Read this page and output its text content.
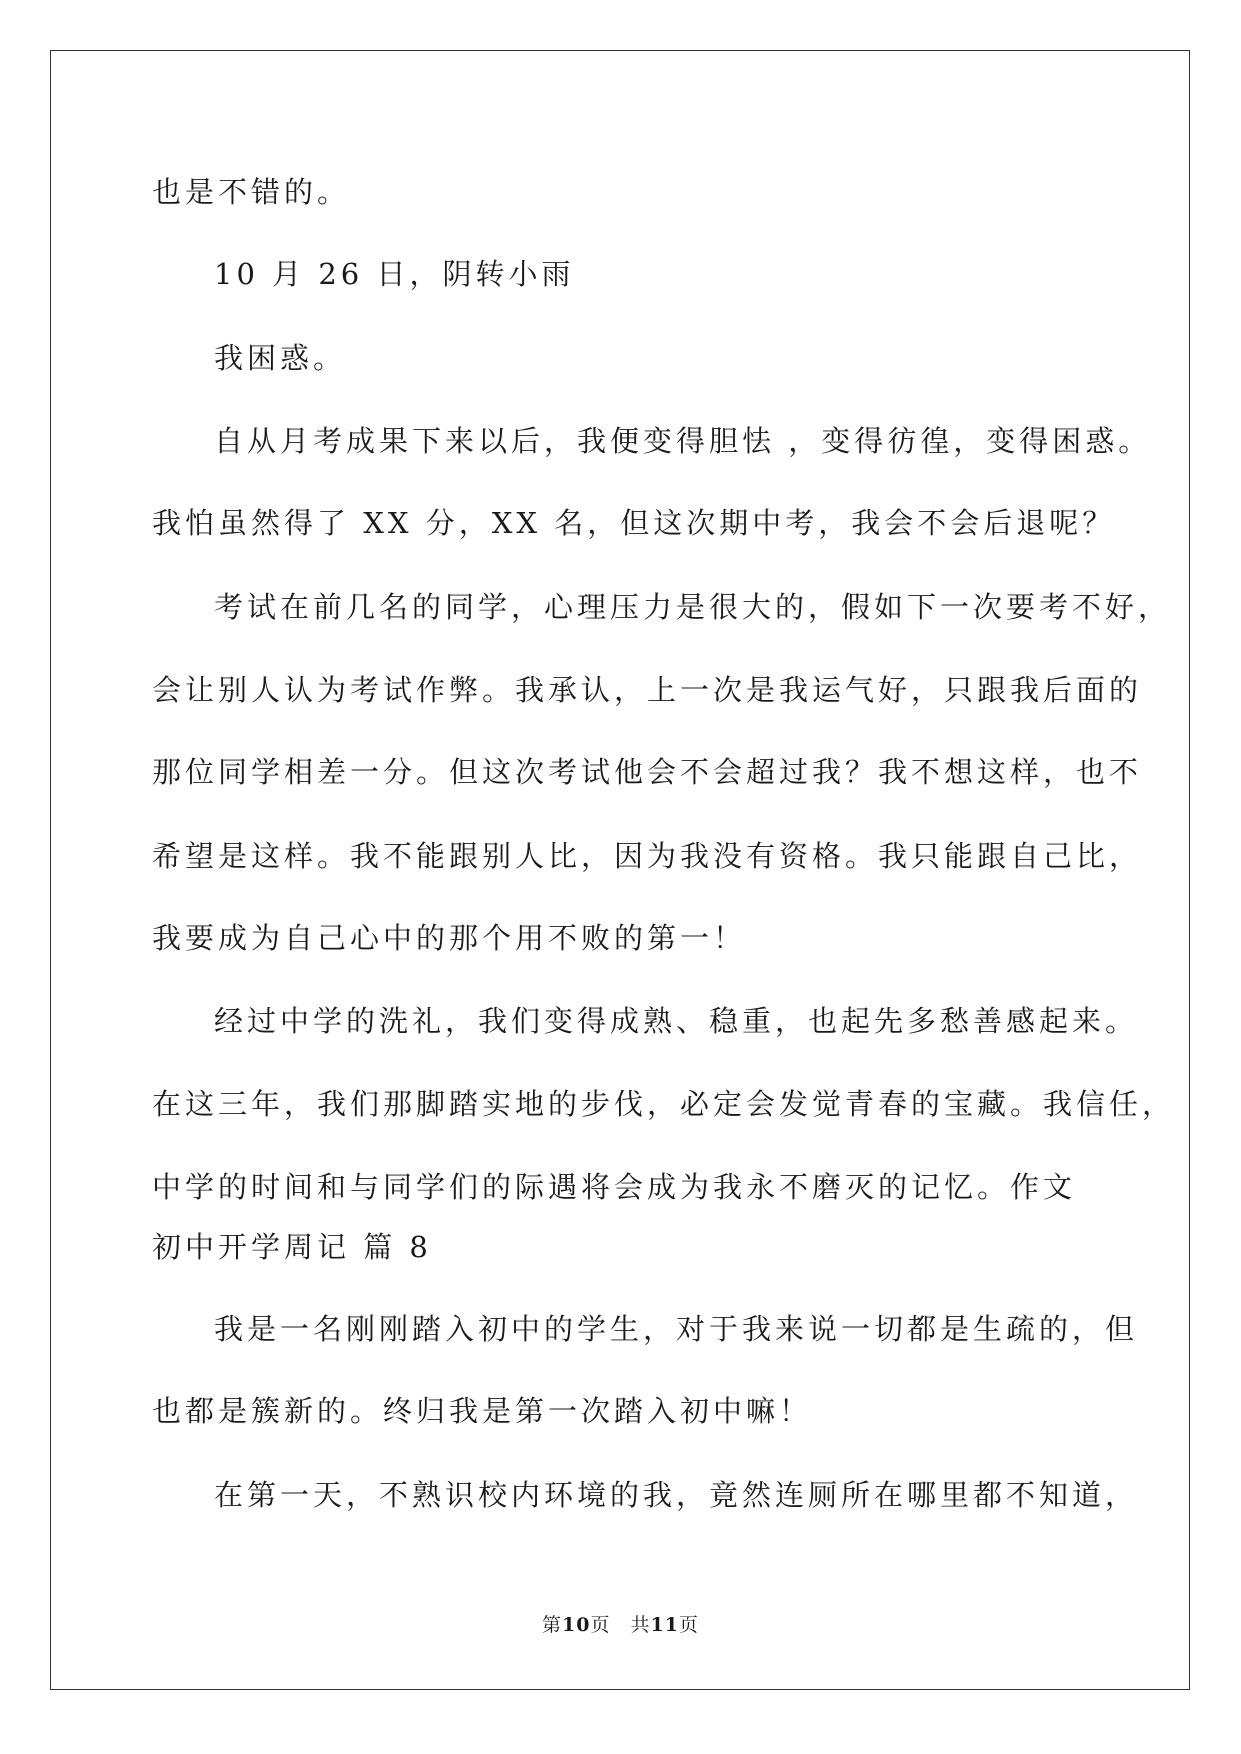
也是不错的。
10 月 26 日，阴转小雨
我困惑。
自从月考成果下来以后，我便变得胆怯 ，变得彷徨，变得困惑。
我怕虽然得了 XX 分，XX 名，但这次期中考，我会不会后退呢？
考试在前几名的同学，心理压力是很大的，假如下一次要考不好，
会让别人认为考试作弊。我承认，上一次是我运气好，只跟我后面的
那位同学相差一分。但这次考试他会不会超过我？我不想这样，也不
希望是这样。我不能跟别人比，因为我没有资格。我只能跟自己比，
我要成为自己心中的那个用不败的第一！
经过中学的洗礼，我们变得成熟、稳重，也起先多愁善感起来。
在这三年，我们那脚踏实地的步伐，必定会发觉青春的宝藏。我信任，
中学的时间和与同学们的际遇将会成为我永不磨灭的记忆。作文
初中开学周记 篇 8
我是一名刚刚踏入初中的学生，对于我来说一切都是生疏的，但
也都是簇新的。终归我是第一次踏入初中嘛！
在第一天，不熟识校内环境的我，竟然连厕所在哪里都不知道，
第10页　共11页
